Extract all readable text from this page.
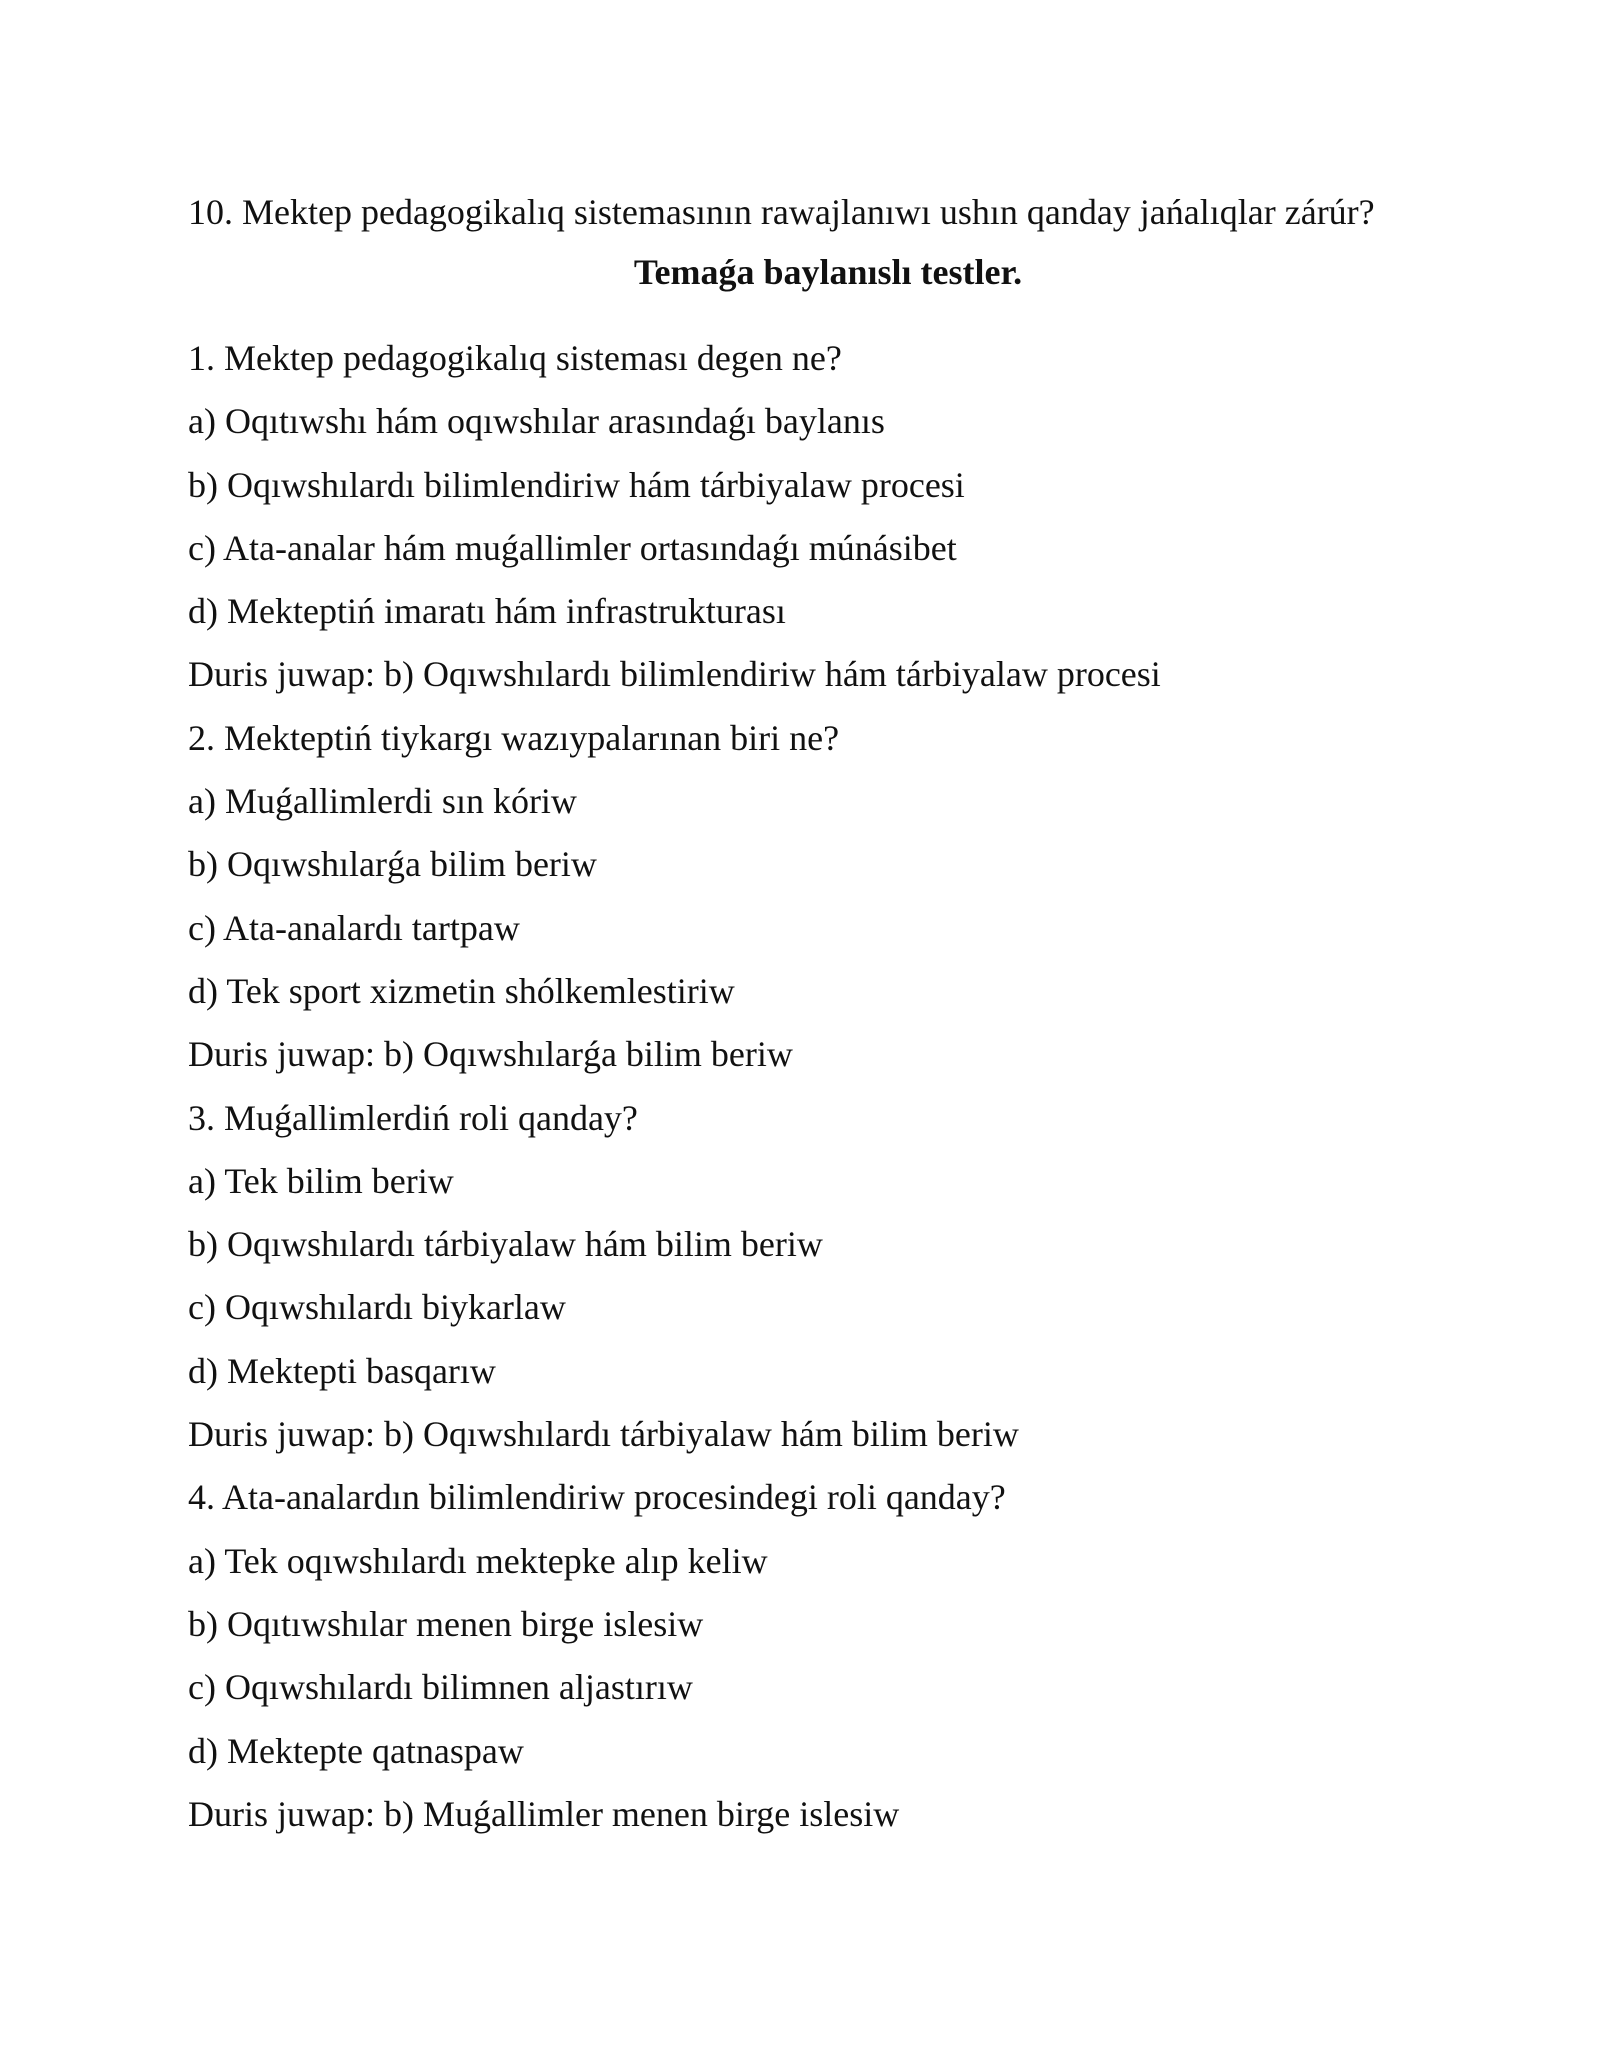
10. Mektep pedagogikalıq sistemasının rawajlanıwı ushın qanday jańalıqlar zárúr?
Temaǵa baylanıslı testler.
1. Mektep pedagogikalıq sisteması degen ne?
a) Oqıtıwshı hám oqıwshılar arasındaǵı baylanıs
b) Oqıwshılardı bilimlendiriw hám tárbiyalaw procesi
c) Ata-analar hám muǵallimler ortasındaǵı múnásibet
d) Mekteptiń imaratı hám infrastrukturası
Duris juwap: b) Oqıwshılardı bilimlendiriw hám tárbiyalaw procesi
2. Mekteptiń tiykargı wazıypalarınan biri ne?
a) Muǵallimlerdi sın kóriw
b) Oqıwshılarǵa bilim beriw
c) Ata-analardı tartpaw
d) Tek sport xizmetin shólkemlestiriw
Duris juwap: b) Oqıwshılarǵa bilim beriw
3. Muǵallimlerdiń roli qanday?
a) Tek bilim beriw
b) Oqıwshılardı tárbiyalaw hám bilim beriw
c) Oqıwshılardı biykarlaw
d) Mektepti basqarıw
Duris juwap: b) Oqıwshılardı tárbiyalaw hám bilim beriw
4. Ata-analardın bilimlendiriw procesindegi roli qanday?
a) Tek oqıwshılardı mektepke alıp keliw
b) Oqıtıwshılar menen birge islesiw
c) Oqıwshılardı bilimnen aljastırıw
d) Mektepte qatnaspaw
Duris juwap: b) Muǵallimler menen birge islesiw
